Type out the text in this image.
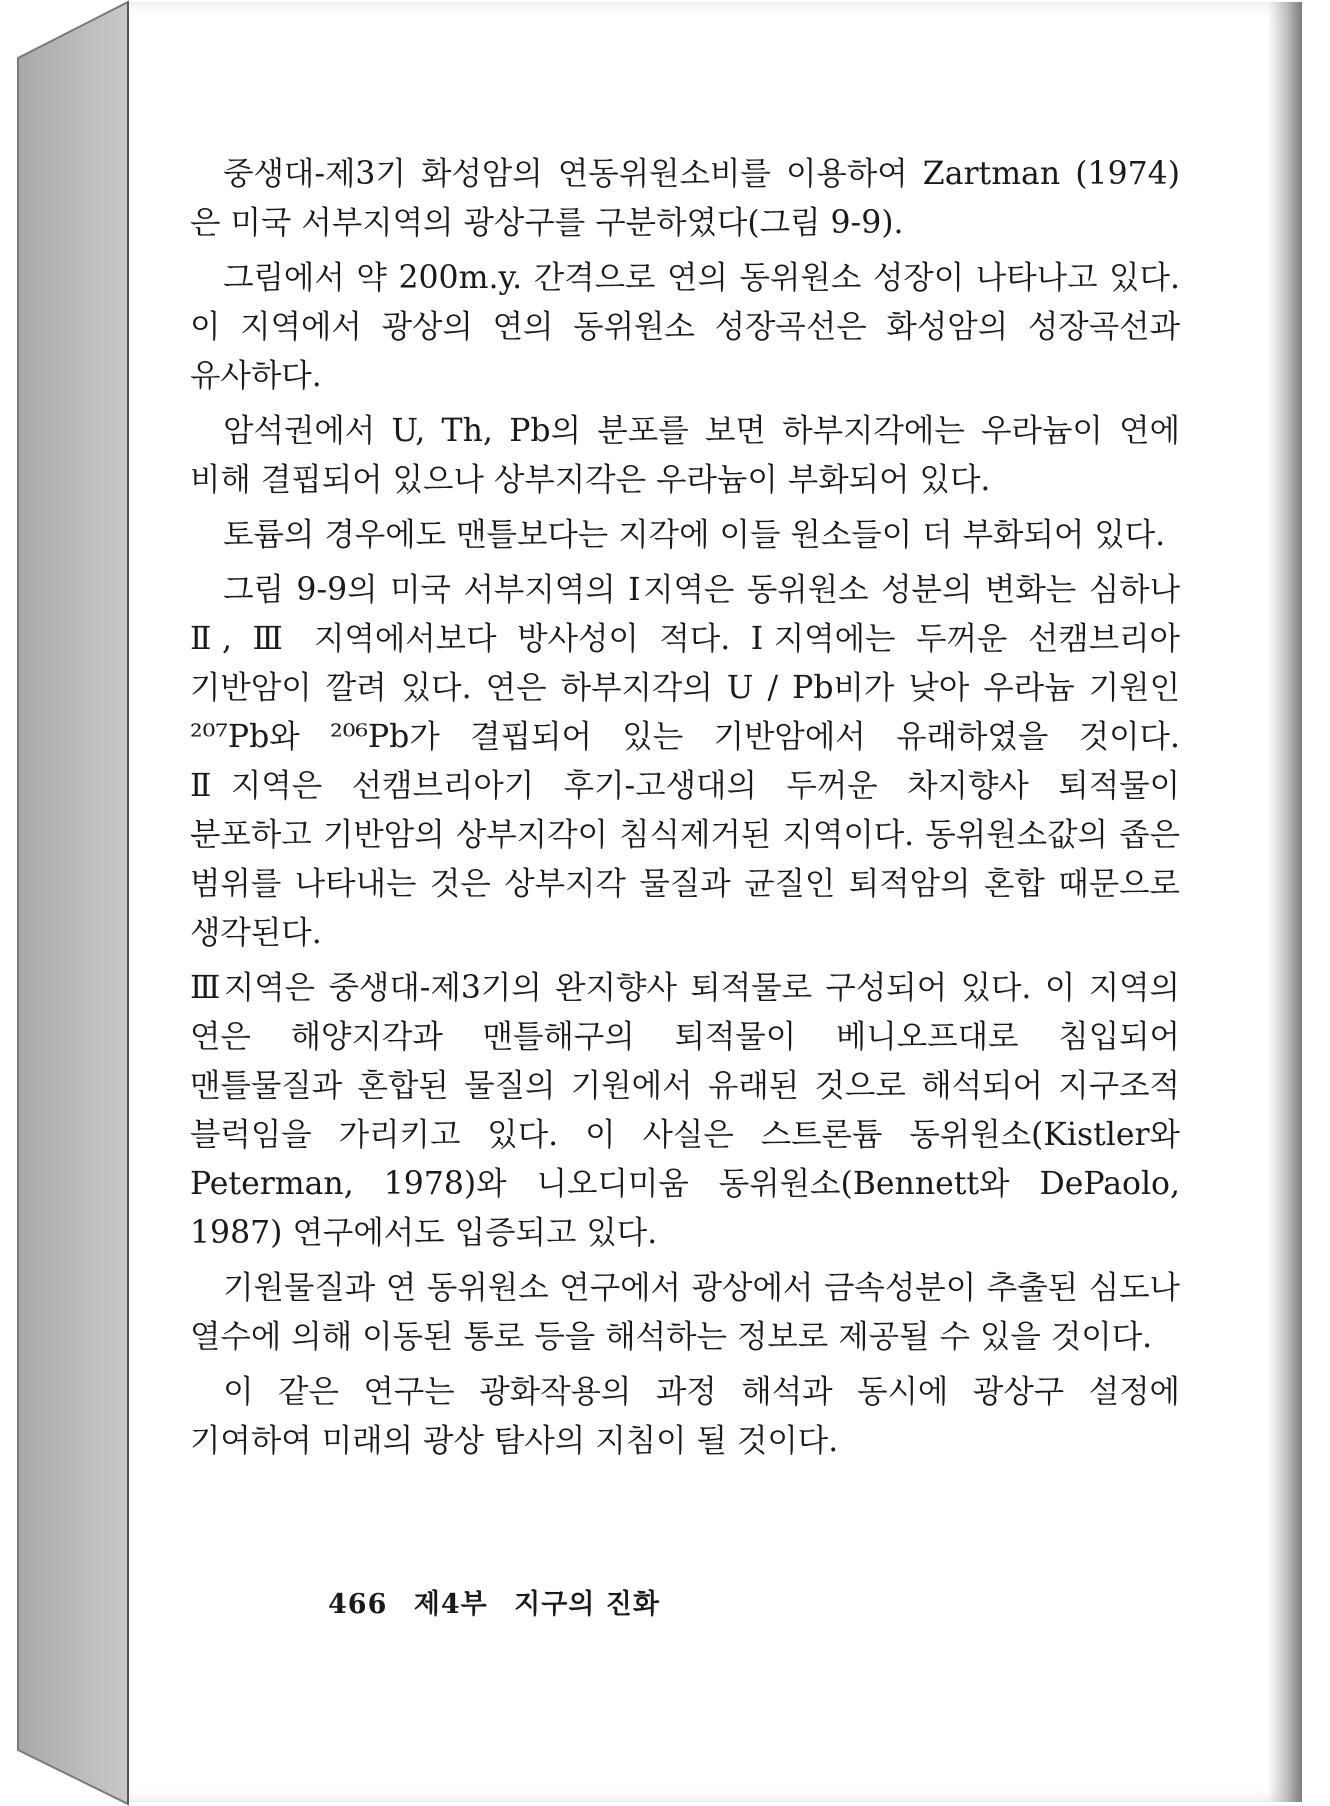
중생대-제3기 화성암의 연동위원소비를 이용하여 Zartman (1974)은 미국 서부지역의 광상구를 구분하였다(그림 9-9).

그림에서 약 200m.y. 간격으로 연의 동위원소 성장이 나타나고 있다. 이 지역에서 광상의 연의 동위원소 성장곡선은 화성암의 성장곡선과 유사하다.

암석권에서 U, Th, Pb의 분포를 보면 하부지각에는 우라늄이 연에 비해 결핍되어 있으나 상부지각은 우라늄이 부화되어 있다.

토륨의 경우에도 맨틀보다는 지각에 이들 원소들이 더 부화되어 있다.

그림 9-9의 미국 서부지역의 Ⅰ지역은 동위원소 성분의 변화는 심하나 Ⅱ, Ⅲ 지역에서보다 방사성이 적다. Ⅰ지역에는 두꺼운 선캠브리아 기반암이 깔려 있다. 연은 하부지각의 U / Pb비가 낮아 우라늄 기원인 ²⁰⁷Pb와 ²⁰⁶Pb가 결핍되어 있는 기반암에서 유래하였을 것이다. Ⅱ지역은 선캠브리아기 후기-고생대의 두꺼운 차지향사 퇴적물이 분포하고 기반암의 상부지각이 침식제거된 지역이다. 동위원소값의 좁은 범위를 나타내는 것은 상부지각 물질과 균질인 퇴적암의 혼합 때문으로 생각된다.

Ⅲ지역은 중생대-제3기의 완지향사 퇴적물로 구성되어 있다. 이 지역의 연은 해양지각과 맨틀해구의 퇴적물이 베니오프대로 침입되어 맨틀물질과 혼합된 물질의 기원에서 유래된 것으로 해석되어 지구조적 블럭임을 가리키고 있다. 이 사실은 스트론튬 동위원소(Kistler와 Peterman, 1978)와 니오디미움 동위원소(Bennett와 DePaolo, 1987) 연구에서도 입증되고 있다.

기원물질과 연 동위원소 연구에서 광상에서 금속성분이 추출된 심도나 열수에 의해 이동된 통로 등을 해석하는 정보로 제공될 수 있을 것이다.

이 같은 연구는 광화작용의 과정 해석과 동시에 광상구 설정에 기여하여 미래의 광상 탐사의 지침이 될 것이다.

466 제4부 지구의 진화
